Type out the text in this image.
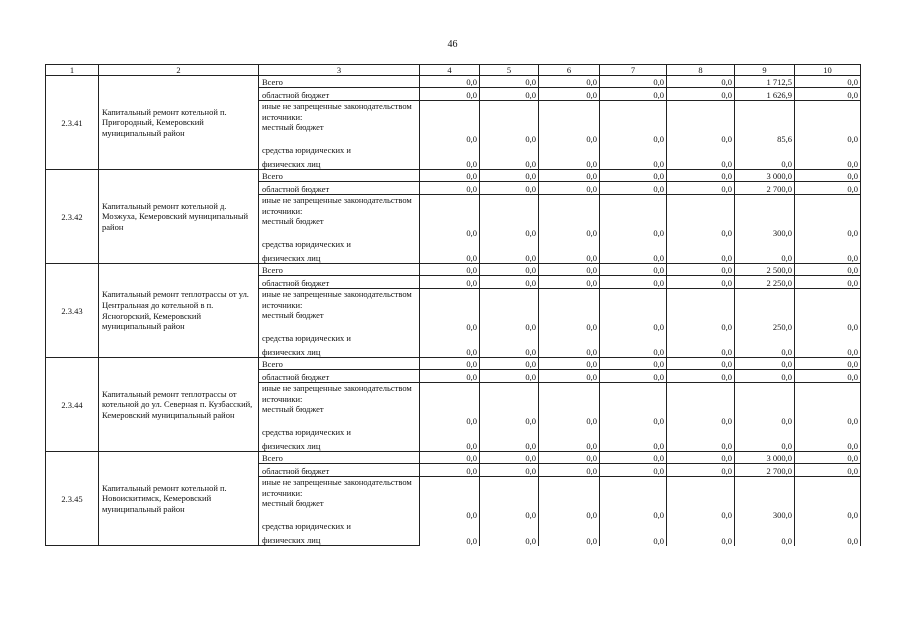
46
1	2	3	4	5	6	7	8	9	10
2.3.41	Капитальный ремонт котельной п. Пригородный, Кемеровский муниципальный район	Всего	0,0	0,0	0,0	0,0	0,0	1 712,5	0,0
		областной бюджет	0,0	0,0	0,0	0,0	0,0	1 626,9	0,0
		иные не запрещенные законодательством источники:							
		местный бюджет	0,0	0,0	0,0	0,0	0,0	85,6	0,0
		средства юридических и	0,0	0,0	0,0	0,0	0,0	0,0	0,0
		физических лиц							
2.3.42	Капитальный ремонт котельной д. Мозжуха, Кемеровский муниципальный район	Всего	0,0	0,0	0,0	0,0	0,0	3 000,0	0,0
		областной бюджет	0,0	0,0	0,0	0,0	0,0	2 700,0	0,0
		иные не запрещенные законодательством источники:							
		местный бюджет	0,0	0,0	0,0	0,0	0,0	300,0	0,0
		средства юридических и	0,0	0,0	0,0	0,0	0,0	0,0	0,0
		физических лиц							
2.3.43	Капитальный ремонт теплотрассы от ул. Центральная до котельной в п. Ясногорский, Кемеровский муниципальный район	Всего	0,0	0,0	0,0	0,0	0,0	2 500,0	0,0
		областной бюджет	0,0	0,0	0,0	0,0	0,0	2 250,0	0,0
		иные не запрещенные законодательством источники:							
		местный бюджет	0,0	0,0	0,0	0,0	0,0	250,0	0,0
		средства юридических и	0,0	0,0	0,0	0,0	0,0	0,0	0,0
		физических лиц							
2.3.44	Капитальный ремонт теплотрассы от котельной до ул. Северная п. Кузбасский, Кемеровский муниципальный район	Всего	0,0	0,0	0,0	0,0	0,0	0,0	0,0
		областной бюджет	0,0	0,0	0,0	0,0	0,0	0,0	0,0
		иные не запрещенные законодательством источники:							
		местный бюджет	0,0	0,0	0,0	0,0	0,0	0,0	0,0
		средства юридических и	0,0	0,0	0,0	0,0	0,0	0,0	0,0
		физических лиц							
2.3.45	Капитальный ремонт котельной п. Новоискитимск, Кемеровский муниципальный район	Всего	0,0	0,0	0,0	0,0	0,0	3 000,0	0,0
		областной бюджет	0,0	0,0	0,0	0,0	0,0	2 700,0	0,0
		иные не запрещенные законодательством источники:							
		местный бюджет	0,0	0,0	0,0	0,0	0,0	300,0	0,0
		средства юридических и	0,0	0,0	0,0	0,0	0,0	0,0	0,0
		физических лиц							
